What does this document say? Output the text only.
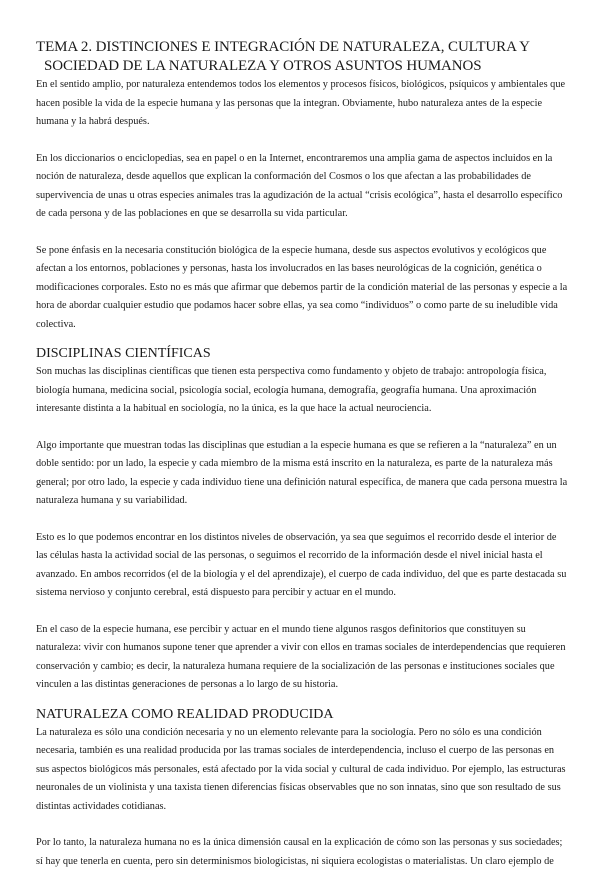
TEMA 2. DISTINCIONES E INTEGRACIÓN DE NATURALEZA, CULTURA Y SOCIEDAD DE LA NATURALEZA Y OTROS ASUNTOS HUMANOS

En el sentido amplio, por naturaleza entendemos todos los elementos y procesos físicos, biológicos, psíquicos y ambientales que hacen posible la vida de la especie humana y las personas que la integran. Obviamente, hubo naturaleza antes de la especie humana y la habrá después.

En los diccionarios o enciclopedias, sea en papel o en la Internet, encontraremos una amplia gama de aspectos incluidos en la noción de naturaleza, desde aquellos que explican la conformación del Cosmos o los que afectan a las probabilidades de supervivencia de unas u otras especies animales tras la agudización de la actual “crisis ecológica”, hasta el desarrollo específico de cada persona y de las poblaciones en que se desarrolla su vida particular.

Se pone énfasis en la necesaria constitución biológica de la especie humana, desde sus aspectos evolutivos y ecológicos que afectan a los entornos, poblaciones y personas, hasta los involucrados en las bases neurológicas de la cognición, genética o modificaciones corporales. Esto no es más que afirmar que debemos partir de la condición material de las personas y especie a la hora de abordar cualquier estudio que podamos hacer sobre ellas, ya sea como “individuos” o como parte de su ineludible vida colectiva.

DISCIPLINAS CIENTÍFICAS

Son muchas las disciplinas científicas que tienen esta perspectiva como fundamento y objeto de trabajo: antropología física, biología humana, medicina social, psicología social, ecología humana, demografía, geografía humana. Una aproximación interesante distinta a la habitual en sociología, no la única, es la que hace la actual neurociencia.

Algo importante que muestran todas las disciplinas que estudian a la especie humana es que se refieren a la “naturaleza” en un doble sentido: por un lado, la especie y cada miembro de la misma está inscrito en la naturaleza, es parte de la naturaleza más general; por otro lado, la especie y cada individuo tiene una definición natural específica, de manera que cada persona muestra la naturaleza humana y su variabilidad.

Esto es lo que podemos encontrar en los distintos niveles de observación, ya sea que seguimos el recorrido desde el interior de las células hasta la actividad social de las personas, o seguimos el recorrido de la información desde el nivel inicial hasta el avanzado. En ambos recorridos (el de la biología y el del aprendizaje), el cuerpo de cada individuo, del que es parte destacada su sistema nervioso y conjunto cerebral, está dispuesto para percibir y actuar en el mundo.

En el caso de la especie humana, ese percibir y actuar en el mundo tiene algunos rasgos definitorios que constituyen su naturaleza: vivir con humanos supone tener que aprender a vivir con ellos en tramas sociales de interdependencias que requieren conservación y cambio; es decir, la naturaleza humana requiere de la socialización de las personas e instituciones sociales que vinculen a las distintas generaciones de personas a lo largo de su historia.

NATURALEZA COMO REALIDAD PRODUCIDA

La naturaleza es sólo una condición necesaria y no un elemento relevante para la sociología. Pero no sólo es una condición necesaria, también es una realidad producida por las tramas sociales de interdependencia, incluso el cuerpo de las personas en sus aspectos biológicos más personales, está afectado por la vida social y cultural de cada individuo. Por ejemplo, las estructuras neuronales de un violinista y una taxista tienen diferencias físicas observables que no son innatas, sino que son resultado de sus distintas actividades cotidianas.

Por lo tanto, la naturaleza humana no es la única dimensión causal en la explicación de cómo son las personas y sus sociedades; sí hay que tenerla en cuenta, pero sin determinismos biologicistas, ni siquiera ecologistas o materialistas. Un claro ejemplo de
